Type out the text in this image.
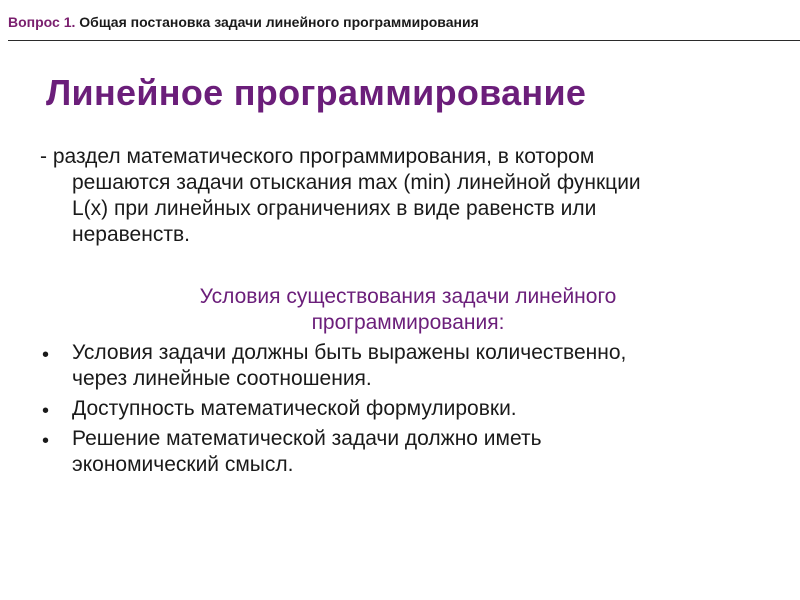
Вопрос 1. Общая постановка задачи линейного программирования
Линейное программирование
- раздел математического программирования, в котором
решаются задачи отыскания max (min) линейной функции
L(x) при линейных ограничениях в виде равенств или
неравенств.
Условия существования задачи линейного
программирования:
• Условия задачи должны быть выражены количественно,
через линейные соотношения.
• Доступность математической формулировки.
• Решение математической задачи должно иметь
экономический смысл.
